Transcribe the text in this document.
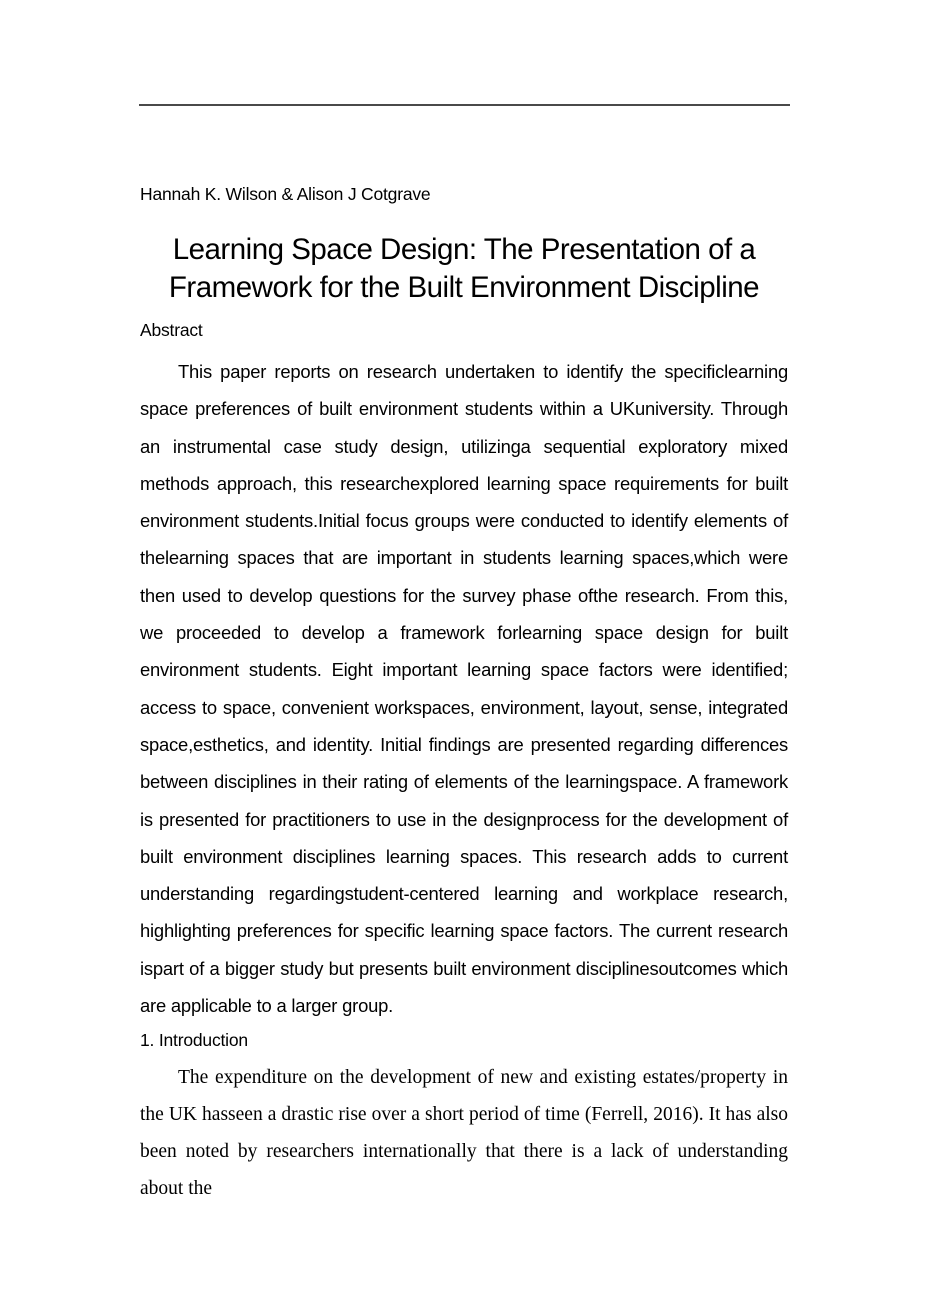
Hannah K. Wilson & Alison J Cotgrave
Learning Space Design: The Presentation of a
Framework for the Built Environment Discipline
Abstract
This paper reports on research undertaken to identify the specificlearning space preferences of built environment students within a UKuniversity. Through an instrumental case study design, utilizinga sequential exploratory mixed methods approach, this researchexplored learning space requirements for built environment students.Initial focus groups were conducted to identify elements of thelearning spaces that are important in students learning spaces,which were then used to develop questions for the survey phase ofthe research. From this, we proceeded to develop a framework forlearning space design for built environment students. Eight important learning space factors were identified; access to space, convenient workspaces, environment, layout, sense, integrated space,esthetics, and identity. Initial findings are presented regarding differences between disciplines in their rating of elements of the learningspace. A framework is presented for practitioners to use in the designprocess for the development of built environment disciplines learning spaces. This research adds to current understanding regardingstudent-centered learning and workplace research, highlighting preferences for specific learning space factors. The current research ispart of a bigger study but presents built environment disciplinesoutcomes which are applicable to a larger group.
1. Introduction
The expenditure on the development of new and existing estates/property in the UK hasseen a drastic rise over a short period of time (Ferrell, 2016). It has also been noted by researchers internationally that there is a lack of understanding about the
